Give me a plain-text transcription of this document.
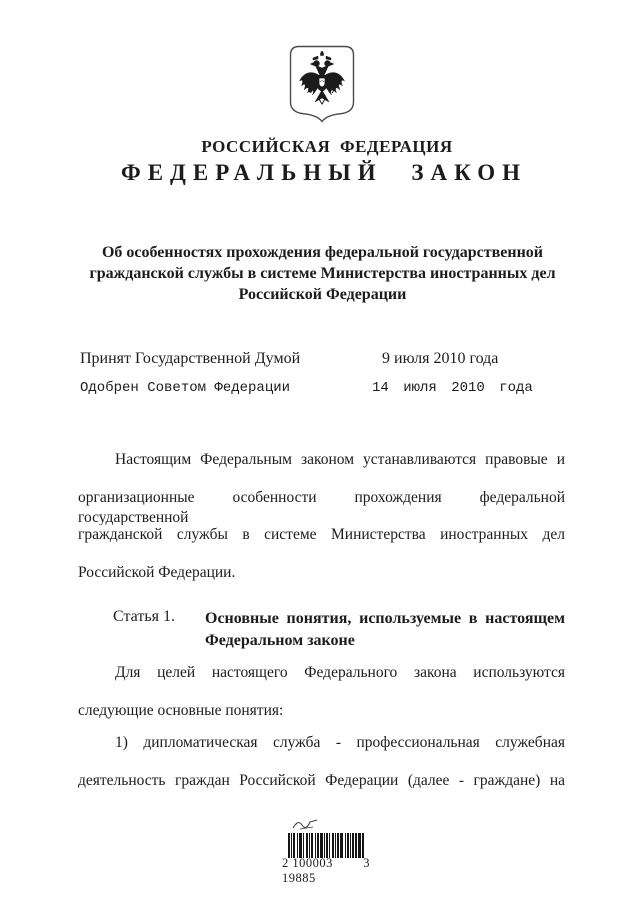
РОССИЙСКАЯ ФЕДЕРАЦИЯ
ФЕДЕРАЛЬНЫЙ ЗАКОН
Об особенностях прохождения федеральной государственной
гражданской службы в системе Министерства иностранных дел
Российской Федерации
Принят Государственной Думой	9 июля 2010 года
Одобрен Советом Федерации	14 июля 2010 года
Настоящим Федеральным законом устанавливаются правовые и
организационные особенности прохождения федеральной государственной
гражданской службы в системе Министерства иностранных дел
Российской Федерации.
Статья 1. Основные понятия, используемые в настоящем
Федеральном законе
Для целей настоящего Федерального закона используются
следующие основные понятия:
1) дипломатическая служба - профессиональная служебная
деятельность граждан Российской Федерации (далее - граждане) на
2 100003 19885
3
